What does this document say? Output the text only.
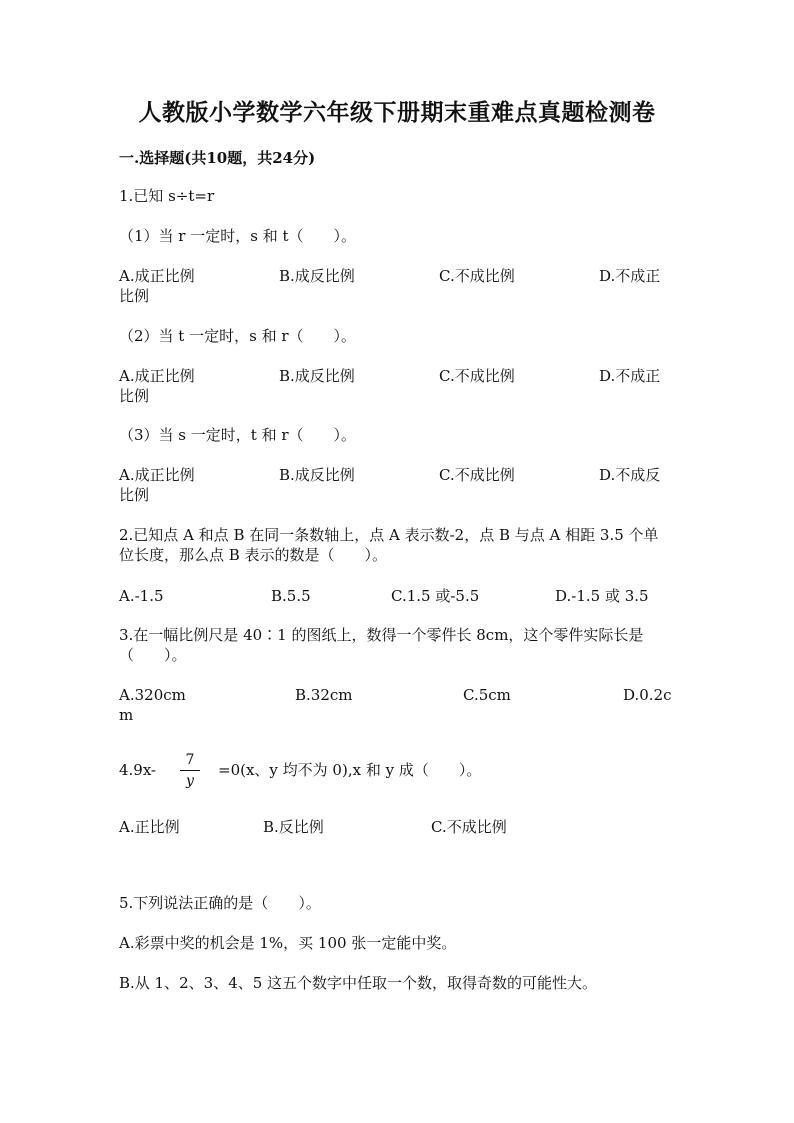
人教版小学数学六年级下册期末重难点真题检测卷
一.选择题(共10题，共24分)
1.已知 s÷t=r
（1）当 r 一定时，s 和 t（　　）。
A.成正比例	B.成反比例	C.不成比例	D.不成正
比例
（2）当 t 一定时，s 和 r（　　）。
A.成正比例	B.成反比例	C.不成比例	D.不成正
比例
（3）当 s 一定时，t 和 r（　　）。
A.成正比例	B.成反比例	C.不成比例	D.不成反
比例
2.已知点 A 和点 B 在同一条数轴上，点 A 表示数-2，点 B 与点 A 相距 3.5 个单
位长度，那么点 B 表示的数是（　　）。
A.-1.5	B.5.5	C.1.5 或-5.5	D.-1.5 或 3.5
3.在一幅比例尺是 40∶1 的图纸上，数得一个零件长 8cm，这个零件实际长是
（　　）。
A.320cm	B.32cm	C.5cm	D.0.2c
m
4.9x-
7
y
=0(x、y 均不为 0),x 和 y 成（　　）。
A.正比例	B.反比例	C.不成比例
5.下列说法正确的是（　　）。
A.彩票中奖的机会是 1%，买 100 张一定能中奖。
B.从 1、2、3、4、5 这五个数字中任取一个数，取得奇数的可能性大。
